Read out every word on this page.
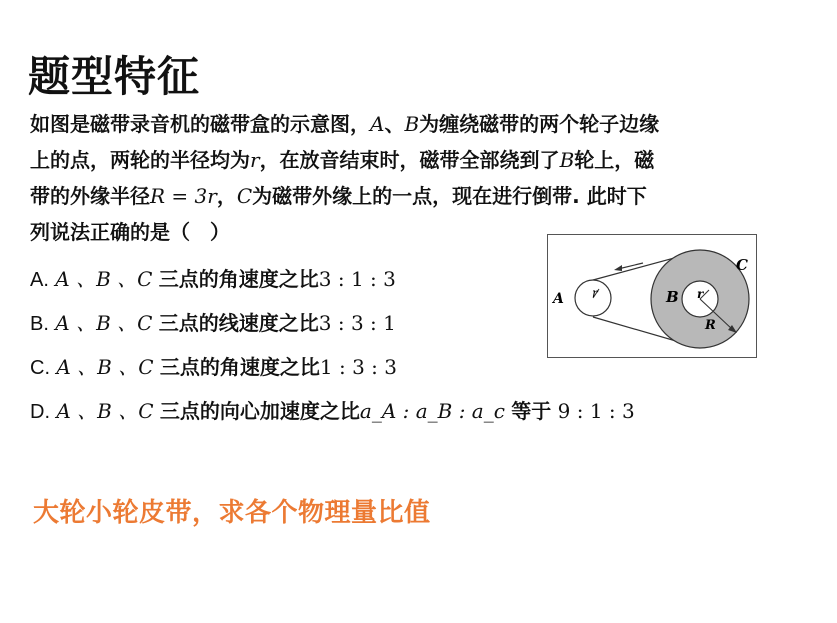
题型特征
如图是磁带录音机的磁带盒的示意图，A、B为缠绕磁带的两个轮子边缘
上的点，两轮的半径均为r，在放音结束时，磁带全部绕到了B轮上，磁
带的外缘半径R = 3r，C为磁带外缘上的一点，现在进行倒带. 此时下
列说法正确的是（　）
A. A 、B 、C 三点的角速度之比3 : 1 : 3
B. A 、B 、C 三点的线速度之比3 : 3 : 1
C. A 、B 、C 三点的角速度之比1 : 3 : 3
D. A 、B 、C 三点的向心加速度之比a_A : a_B : a_c 等于 9 : 1 : 3
A r	B r
R
C
大轮小轮皮带，求各个物理量比值
